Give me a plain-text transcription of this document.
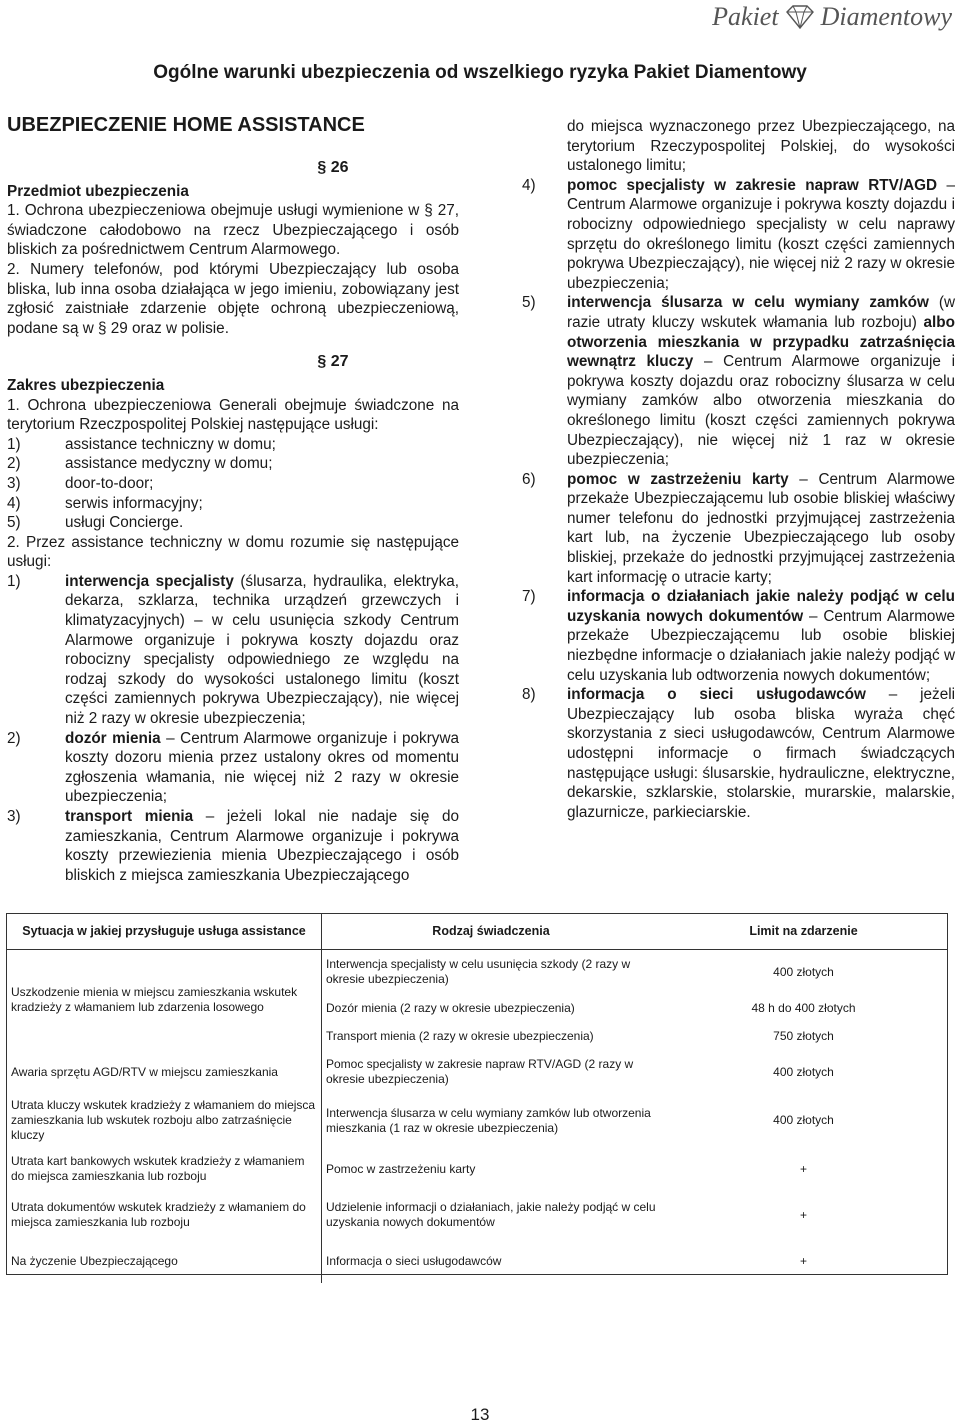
Pakiet Diamentowy
Ogólne warunki ubezpieczenia od wszelkiego ryzyka Pakiet Diamentowy
UBEZPIECZENIE HOME ASSISTANCE
§ 26

Przedmiot ubezpieczenia

1. Ochrona ubezpieczeniowa obejmuje usługi wymienione w § 27, świadczone całodobowo na rzecz Ubezpieczającego i osób bliskich za pośrednictwem Centrum Alarmowego.

2. Numery telefonów, pod którymi Ubezpieczający lub osoba bliska, lub inna osoba działająca w jego imieniu, zobowiązany jest zgłosić zaistniałe zdarzenie objęte ochroną ubezpieczeniową, podane są w § 29 oraz w polisie.

§ 27

Zakres ubezpieczenia

1. Ochrona ubezpieczeniowa Generali obejmuje świadczone na terytorium Rzeczpospolitej Polskiej następujące usługi:

1)	assistance techniczny w domu;
2)	assistance medyczny w domu;
3)	door-to-door;
4)	serwis informacyjny;
5)	usługi Concierge.

2. Przez assistance techniczny w domu rozumie się następujące usługi:

1)	interwencja specjalisty (ślusarza, hydraulika, elektryka, dekarza, szklarza, technika urządzeń grzewczych i klimatyzacyjnych) – w celu usunięcia szkody Centrum Alarmowe organizuje i pokrywa koszty dojazdu oraz robocizny specjalisty odpowiedniego ze względu na rodzaj szkody do wysokości ustalonego limitu (koszt części zamiennych pokrywa Ubezpieczający), nie więcej niż 2 razy w okresie ubezpieczenia;
2)	dozór mienia – Centrum Alarmowe organizuje i pokrywa koszty dozoru mienia przez ustalony okres od momentu zgłoszenia włamania, nie więcej niż 2 razy w okresie ubezpieczenia;
3)	transport mienia – jeżeli lokal nie nadaje się do zamieszkania, Centrum Alarmowe organizuje i pokrywa koszty przewiezienia mienia Ubezpieczającego i osób bliskich z miejsca zamieszkania Ubezpieczającego

do miejsca wyznaczonego przez Ubezpieczającego, na terytorium Rzeczypospolitej Polskiej, do wysokości ustalonego limitu;

4)	pomoc specjalisty w zakresie napraw RTV/AGD – Centrum Alarmowe organizuje i pokrywa koszty dojazdu i robocizny odpowiedniego specjalisty w celu naprawy sprzętu do określonego limitu (koszt części zamiennych pokrywa Ubezpieczający), nie więcej niż 2 razy w okresie ubezpieczenia;
5)	interwencja ślusarza w celu wymiany zamków (w razie utraty kluczy wskutek włamania lub rozboju) albo otworzenia mieszkania w przypadku zatrzaśnięcia wewnątrz kluczy – Centrum Alarmowe organizuje i pokrywa koszty dojazdu oraz robocizny ślusarza w celu wymiany zamków albo otworzenia mieszkania do określonego limitu (koszt części zamiennych pokrywa Ubezpieczający), nie więcej niż 1 raz w okresie ubezpieczenia;
6)	pomoc w zastrzeżeniu karty – Centrum Alarmowe przekaże Ubezpieczającemu lub osobie bliskiej właściwy numer telefonu do jednostki przyjmującej zastrzeżenia kart lub, na życzenie Ubezpieczającego lub osoby bliskiej, przekaże do jednostki przyjmującej zastrzeżenia kart informację o utracie karty;
7)	informacja o działaniach jakie należy podjąć w celu uzyskania nowych dokumentów – Centrum Alarmowe przekaże Ubezpieczającemu lub osobie bliskiej niezbędne informacje o działaniach jakie należy podjąć w celu uzyskania lub odtworzenia nowych dokumentów;
8)	informacja o sieci usługodawców – jeżeli Ubezpieczający lub osoba bliska wyraża chęć skorzystania z sieci usługodawców, Centrum Alarmowe udostępni informacje o firmach świadczących następujące usługi: ślusarskie, hydrauliczne, elektryczne, dekarskie, szklarskie, stolarskie, murarskie, malarskie, glazurnicze, parkieciarskie.
Sytuacja w jakiej przysługuje usługa assistance	Rodzaj świadczenia	Limit na zdarzenie
Uszkodzenie mienia w miejscu zamieszkania wskutek kradzieży z włamaniem lub zdarzenia losowego	Interwencja specjalisty w celu usunięcia szkody (2 razy w okresie ubezpieczenia)	400 złotych
	Dozór mienia (2 razy w okresie ubezpieczenia)	48 h do 400 złotych
	Transport mienia (2 razy w okresie ubezpieczenia)	750 złotych
Awaria sprzętu AGD/RTV w miejscu zamieszkania	Pomoc specjalisty w zakresie napraw RTV/AGD (2 razy w okresie ubezpieczenia)	400 złotych
Utrata kluczy wskutek kradzieży z włamaniem do miejsca zamieszkania lub wskutek rozboju albo zatrzaśnięcie kluczy	Interwencja ślusarza w celu wymiany zamków lub otworzenia mieszkania (1 raz w okresie ubezpieczenia)	400 złotych
Utrata kart bankowych wskutek kradzieży z włamaniem do miejsca zamieszkania lub rozboju	Pomoc w zastrzeżeniu karty	+
Utrata dokumentów wskutek kradzieży z włamaniem do miejsca zamieszkania lub rozboju	Udzielenie informacji o działaniach, jakie należy podjąć w celu uzyskania nowych dokumentów	+
Na życzenie Ubezpieczającego	Informacja o sieci usługodawców	+
13
